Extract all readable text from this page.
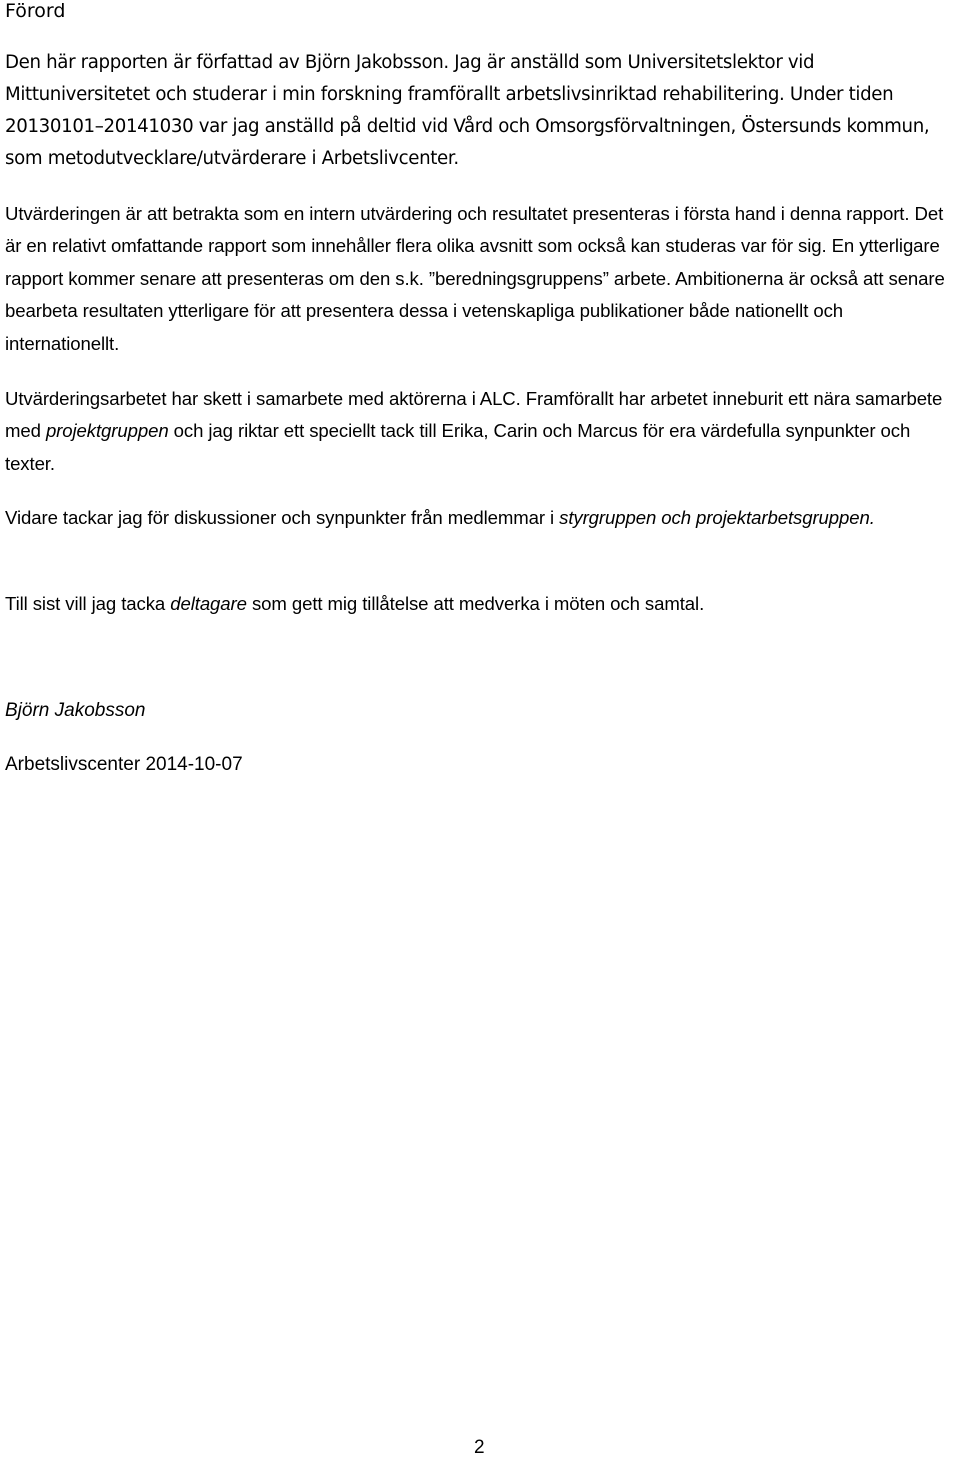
Förord

Den här rapporten är författad av Björn Jakobsson. Jag är anställd som Universitetslektor vid Mittuniversitetet och studerar i min forskning framförallt arbetslivsinriktad rehabilitering. Under tiden 20130101–20141030 var jag anställd på deltid vid Vård och Omsorgsförvaltningen, Östersunds kommun, som metodutvecklare/utvärderare i Arbetslivcenter.

Utvärderingen är att betrakta som en intern utvärdering och resultatet presenteras i första hand i denna rapport. Det är en relativt omfattande rapport som innehåller flera olika avsnitt som också kan studeras var för sig. En ytterligare rapport kommer senare att presenteras om den s.k. ”beredningsgruppens” arbete. Ambitionerna är också att senare bearbeta resultaten ytterligare för att presentera dessa i vetenskapliga publikationer både nationellt och internationellt.

Utvärderingsarbetet har skett i samarbete med aktörerna i ALC. Framförallt har arbetet inneburit ett nära samarbete med projektgruppen och jag riktar ett speciellt tack till Erika, Carin och Marcus för era värdefulla synpunkter och texter.

Vidare tackar jag för diskussioner och synpunkter från medlemmar i styrgruppen och projektarbetsgruppen.

Till sist vill jag tacka deltagare som gett mig tillåtelse att medverka i möten och samtal.

Björn Jakobsson

Arbetslivscenter 2014-10-07

2
